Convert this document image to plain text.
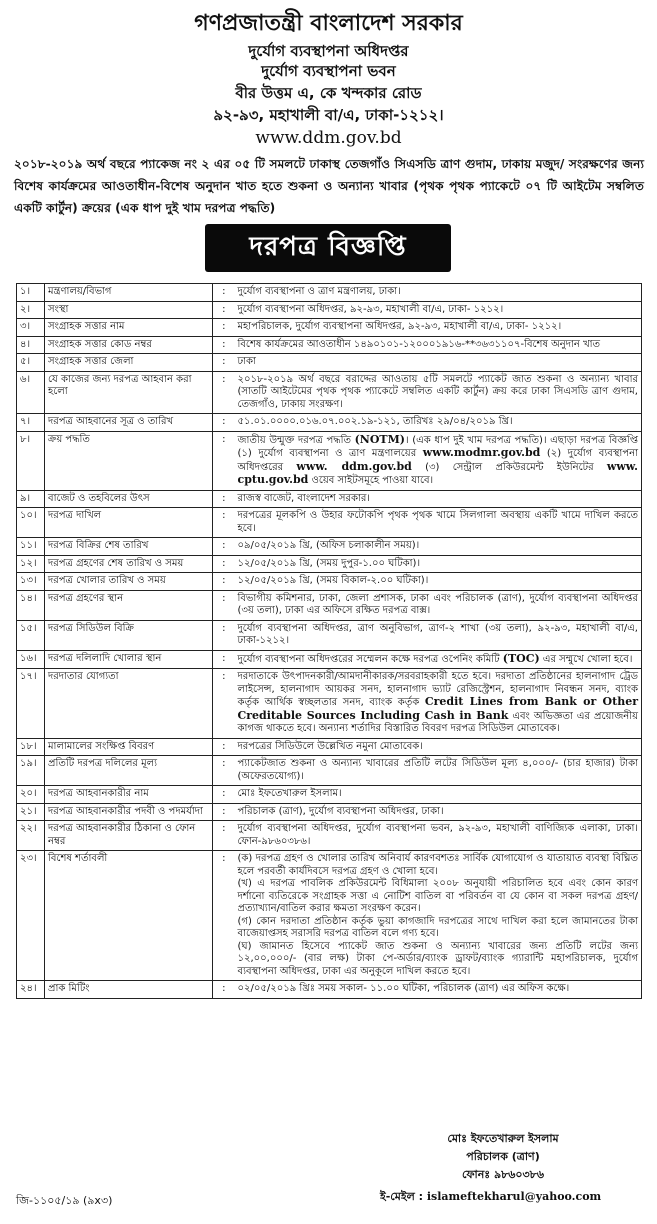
গণপ্রজাতন্ত্রী বাংলাদেশ সরকার
দুর্যোগ ব্যবস্থাপনা অধিদপ্তর
দুর্যোগ ব্যবস্থাপনা ভবন
বীর উত্তম এ, কে খন্দকার রোড
৯২-৯৩, মহাখালী বা/এ, ঢাকা-১২১২।
www.ddm.gov.bd
২০১৮-২০১৯ অর্থ বছরে প্যাকেজ নং ২ এর ০৫ টি সমলটে ঢাকাস্থ তেজগাঁও সিএসডি ত্রাণ গুদাম, ঢাকায় মজুদ/ সংরক্ষণের জন্য বিশেষ কার্যক্রমের আওতাধীন-বিশেষ অনুদান খাত হতে শুকনা ও অন্যান্য খাবার (পৃথক পৃথক প্যাকেটে ০৭ টি আইটেম সম্বলিত একটি কার্টুন) ক্রয়ের (এক ধাপ দুই খাম দরপত্র পদ্ধতি)
দরপত্র বিজ্ঞপ্তি
১।	মন্ত্রণালয়/বিভাগ	:	দুর্যোগ ব্যবস্থাপনা ও ত্রাণ মন্ত্রণালয়, ঢাকা।
২।	সংস্থা	:	দুর্যোগ ব্যবস্থাপনা অধিদপ্তর, ৯২-৯৩, মহাখালী বা/এ, ঢাকা- ১২১২।
৩।	সংগ্রাহক সত্তার নাম	:	মহাপরিচালক, দুর্যোগ ব্যবস্থাপনা অধিদপ্তর, ৯২-৯৩, মহাখালী বা/এ, ঢাকা- ১২১২।
৪।	সংগ্রাহক সত্তার কোড নম্বর	:	বিশেষ কার্যক্রমের আওতাধীন ১৪৯০১০১-১২০০০১৯১৬-**৩৬৩১১০৭-বিশেষ অনুদান খাত
৫।	সংগ্রাহক সত্তার জেলা	:	ঢাকা
৬।	যে কাজের জন্য দরপত্র আহবান করা হলো	:	২০১৮-২০১৯ অর্থ বছরে বরাদ্দের আওতায় ৫টি সমলটে প্যাকেট জাত শুকনা ও অন্যান্য খাবার (সাতটি আইটেমের পৃথক পৃথক প্যাকেটে সম্বলিত একটি কার্টুন) ক্রয় করে ঢাকা সিএসডি ত্রাণ গুদাম, তেজগাঁও, ঢাকায় সংরক্ষণ।
৭।	দরপত্র আহবানের সূত্র ও তারিখ	:	৫১.০১.০০০০.০১৬.০৭.০০২.১৯-১২১, তারিখঃ ২৯/০৪/২০১৯ খ্রি।
৮।	ক্রয় পদ্ধতি	:	জাতীয় উন্মুক্ত দরপত্র পদ্ধতি (NOTM)। (এক ধাপ দুই খাম দরপত্র পদ্ধতি)। এছাড়া দরপত্র বিজ্ঞপ্তি (১) দুর্যোগ ব্যবস্থাপনা ও ত্রাণ মন্ত্রণালয়ের www.modmr.gov.bd (২) দুর্যোগ ব্যবস্থাপনা অধিদপ্তরের www. ddm.gov.bd (৩) সেন্ট্রাল প্রকিউরমেন্ট ইউনিটের www. cptu.gov.bd ওয়েব সাইটসমূহে পাওয়া যাবে।
৯।	বাজেট ও তহবিলের উৎস	:	রাজস্ব বাজেট, বাংলাদেশ সরকার।
১০।	দরপত্র দাখিল	:	দরপত্রের মূলকপি ও উহার ফটোকপি পৃথক পৃথক খামে সিলগালা অবস্থায় একটি খামে দাখিল করতে হবে।
১১।	দরপত্র বিক্রির শেষ তারিখ	:	০৯/০৫/২০১৯ খ্রি, (অফিস চলাকালীন সময়)।
১২।	দরপত্র গ্রহণের শেষ তারিখ ও সময়	:	১২/০৫/২০১৯ খ্রি, (সময় দুপুর-১.০০ ঘটিকা)।
১৩।	দরপত্র খোলার তারিখ ও সময়	:	১২/০৫/২০১৯ খ্রি, (সময় বিকাল-২.০০ ঘটিকা)।
১৪।	দরপত্র গ্রহণের স্থান	:	বিভাগীয় কমিশনার, ঢাকা, জেলা প্রশাসক, ঢাকা এবং পরিচালক (ত্রাণ), দুর্যোগ ব্যবস্থাপনা অধিদপ্তর (৩য় তলা), ঢাকা এর অফিসে রক্ষিত দরপত্র বাক্স।
১৫।	দরপত্র সিডিউল বিক্রি	:	দুর্যোগ ব্যবস্থাপনা অধিদপ্তর, ত্রাণ অনুবিভাগ, ত্রাণ-২ শাখা (৩য় তলা), ৯২-৯৩, মহাখালী বা/এ, ঢাকা-১২১২।
১৬।	দরপত্র দলিলাদি খোলার স্থান	:	দুর্যোগ ব্যবস্থাপনা অধিদপ্তরের সম্মেলন কক্ষে দরপত্র ওপেনিং কমিটি (TOC) এর সম্মুখে খোলা হবে।
১৭।	দরদাতার যোগ্যতা	:	দরদাতাকে উৎপাদনকারী/আমদানীকারক/সরবরাহকারী হতে হবে। দরদাতা প্রতিষ্ঠানের হালনাগাদ ট্রেড লাইসেন্স, হালনাগাদ আয়কর সনদ, হালনাগাদ ভ্যাট রেজিস্ট্রেশন, হালনাগাদ নিবন্ধন সনদ, ব্যাংক কর্তৃক আর্থিক স্বচ্ছলতার সনদ, ব্যাংক কর্তৃক Credit Lines from Bank or Other Creditable Sources Including Cash in Bank এবং অভিজ্ঞতা এর প্রয়োজনীয় কাগজ থাকতে হবে। অন্যান্য শর্তাদির বিস্তারিত বিবরণ দরপত্র সিডিউল মোতাবেক।
১৮।	মালামালের সংক্ষিপ্ত বিবরণ	:	দরপত্রের সিডিউলে উল্লেখিত নমুনা মোতাবেক।
১৯।	প্রতিটি দরপত্র দলিলের মূল্য	:	প্যাকেটজাত শুকনা ও অন্যান্য খাবারের প্রতিটি লটের সিডিউল মূল্য ৪,০০০/- (চার হাজার) টাকা (অফেরতযোগ্য)।
২০।	দরপত্র আহবানকারীর নাম	:	মোঃ ইফতেখারুল ইসলাম।
২১।	দরপত্র আহবানকারীর পদবী ও পদমর্যাদা	:	পরিচালক (ত্রাণ), দুর্যোগ ব্যবস্থাপনা অধিদপ্তর, ঢাকা।
২২।	দরপত্র আহবানকারীর ঠিকানা ও ফোন নম্বর	:	দুর্যোগ ব্যবস্থাপনা অধিদপ্তর, দুর্যোগ ব্যবস্থাপনা ভবন, ৯২-৯৩, মহাখালী বাণিজ্যিক এলাকা, ঢাকা। ফোন-৯৮৬০৩৮৬।
২৩।	বিশেষ শর্তাবলী	:	(ক) দরপত্র গ্রহণ ও খোলার তারিখ অনিবার্য কারণবশতঃ সার্বিক যোগাযোগ ও যাতায়াত ব্যবস্থা বিঘ্নিত হলে পরবর্তী কার্যদিবসে দরপত্র গ্রহণ ও খোলা হবে।
(খ) এ দরপত্র পাবলিক প্রকিউরমেন্ট বিধিমালা ২০০৮ অনুযায়ী পরিচালিত হবে এবং কোন কারণ দর্শানো ব্যতিরেকে সংগ্রাহক সত্তা এ নোটিশ বাতিল বা পরিবর্তন বা যে কোন বা সকল দরপত্র গ্রহণ/প্রত্যাখ্যান/বাতিল করার ক্ষমতা সংরক্ষণ করেন।
(গ) কোন দরদাতা প্রতিষ্ঠান কর্তৃক ভুয়া কাগজাদি দরপত্রের সাথে দাখিল করা হলে জামানতের টাকা বাজেয়াপ্তসহ সরাসরি দরপত্র বাতিল বলে গণ্য হবে।
(ঘ) জামানত হিসেবে প্যাকেট জাত শুকনা ও অন্যান্য খাবারের জন্য প্রতিটি লটের জন্য ১২,০০,০০০/- (বার লক্ষ) টাকা পে-অর্ডার/ব্যাংক ড্রাফট/ব্যাংক গ্যারান্টি মহাপরিচালক, দুর্যোগ ব্যবস্থাপনা অধিদপ্তর, ঢাকা এর অনুকূলে দাখিল করতে হবে।

২৪।	প্রাক মিটিং	:	০২/০৫/২০১৯ খ্রিঃ সময় সকাল- ১১.০০ ঘটিকা, পরিচালক (ত্রাণ) এর অফিস কক্ষে।
মোঃ ইফতেখারুল ইসলাম
পরিচালক (ত্রাণ)
ফোনঃ ৯৮৬০৩৮৬
ই-মেইল : islameftekharul@yahoo.com
জি-১১০৫/১৯ (৯x৩)
